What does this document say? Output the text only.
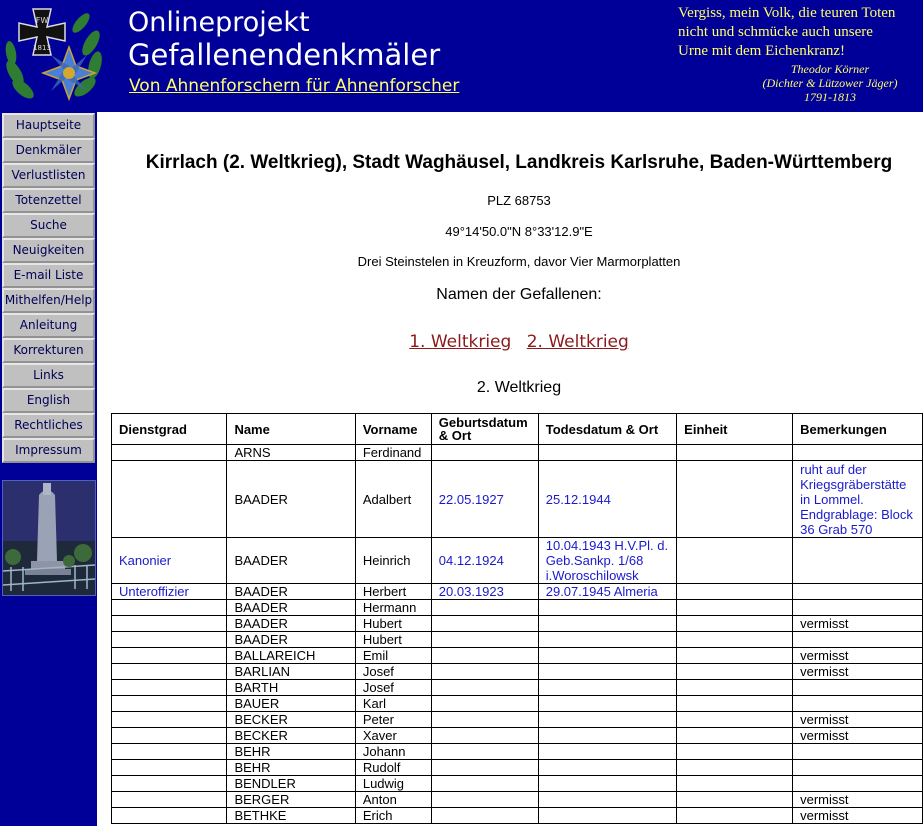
FW
1813
Onlineprojekt
Gefallenendenkmäler
Von Ahnenforschern für Ahnenforscher
Vergiss, mein Volk, die teuren Toten
nicht und schmücke auch unsere
Urne mit dem Eichenkranz!
Theodor Körner
(Dichter & Lützower Jäger)
1791-1813
Hauptseite
Denkmäler
Verlustlisten
Totenzettel
Suche
Neuigkeiten
E-mail Liste
Mithelfen/Help
Anleitung
Korrekturen
Links
English
Rechtliches
Impressum
Kirrlach (2. Weltkrieg), Stadt Waghäusel, Landkreis Karlsruhe, Baden-Württemberg
PLZ 68753
49°14'50.0"N 8°33'12.9"E
Drei Steinstelen in Kreuzform, davor Vier Marmorplatten
Namen der Gefallenen:
1. Weltkrieg 2. Weltkrieg
2. Weltkrieg
Dienstgrad	Name	Vorname	Geburtsdatum & Ort	Todesdatum & Ort	Einheit	Bemerkungen
	ARNS	Ferdinand				
	BAADER	Adalbert	22.05.1927	25.12.1944		ruht auf der Kriegsgräberstätte in Lommel. Endgrablage: Block 36 Grab 570
Kanonier	BAADER	Heinrich	04.12.1924	10.04.1943 H.V.Pl. d. Geb.Sankp. 1/68 i.Woroschilowsk		
Unteroffizier	BAADER	Herbert	20.03.1923	29.07.1945 Almeria		
	BAADER	Hermann				
	BAADER	Hubert				vermisst
	BAADER	Hubert				
	BALLAREICH	Emil				vermisst
	BARLIAN	Josef				vermisst
	BARTH	Josef				
	BAUER	Karl				
	BECKER	Peter				vermisst
	BECKER	Xaver				vermisst
	BEHR	Johann				
	BEHR	Rudolf				
	BENDLER	Ludwig				
	BERGER	Anton				vermisst
	BETHKE	Erich				vermisst
